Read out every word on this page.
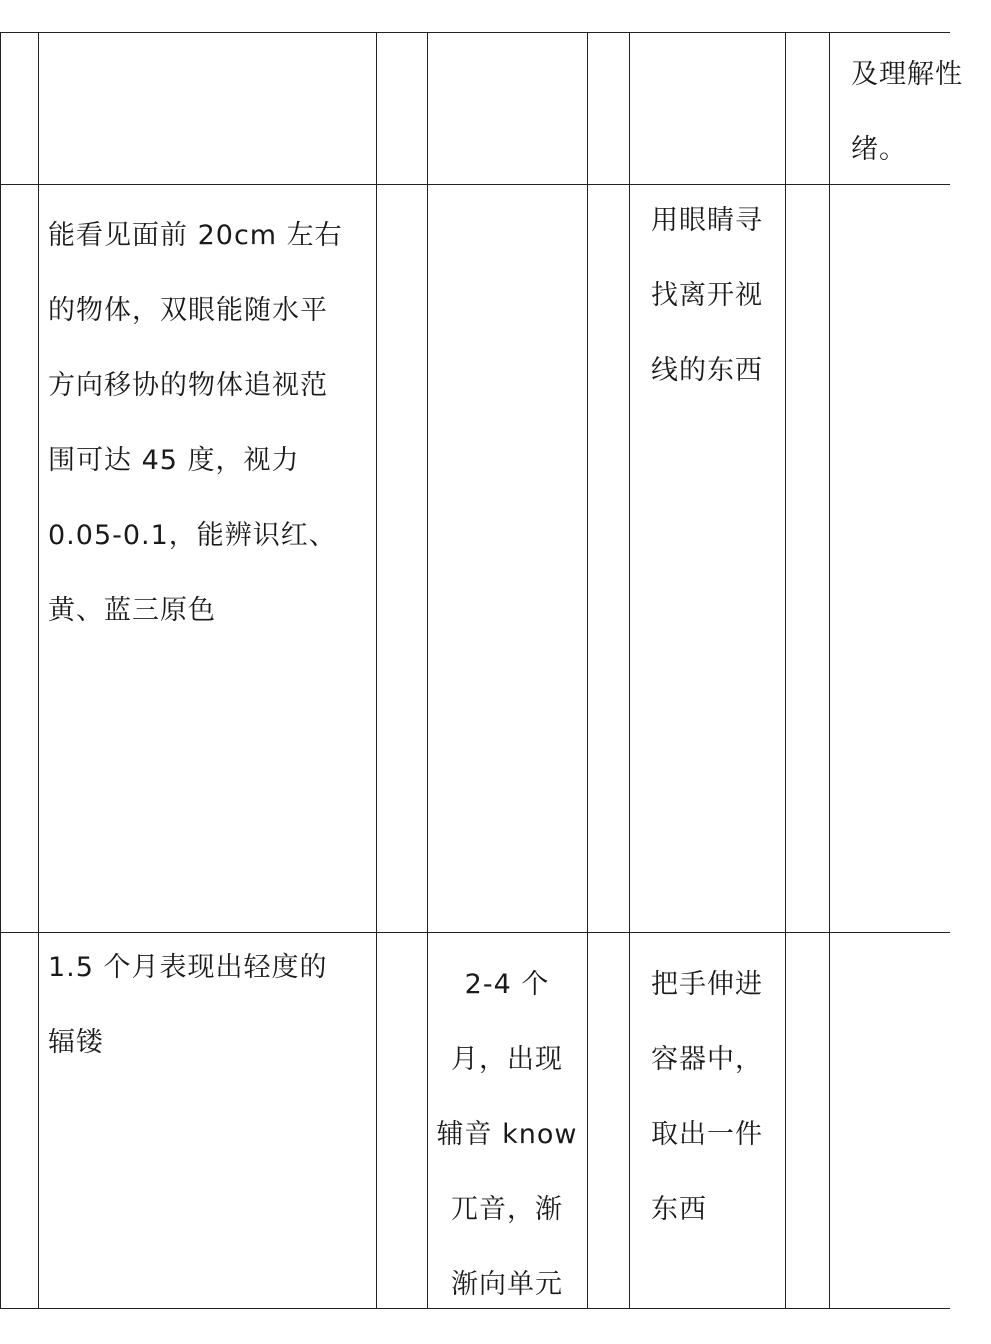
及理解性

绪。

能看见面前 20cm 左右

的物体，双眼能随水平

方向移协的物体追视范

围可达 45 度，视力

0.05-0.1，能辨识红、

黄、蓝三原色

用眼睛寻

找离开视

线的东西

1.5 个月表现出轻度的

辐镂

2-4 个

月，出现

辅音 know

兀音，渐

渐向单元

把手伸进

容器中，

取出一件

东西
